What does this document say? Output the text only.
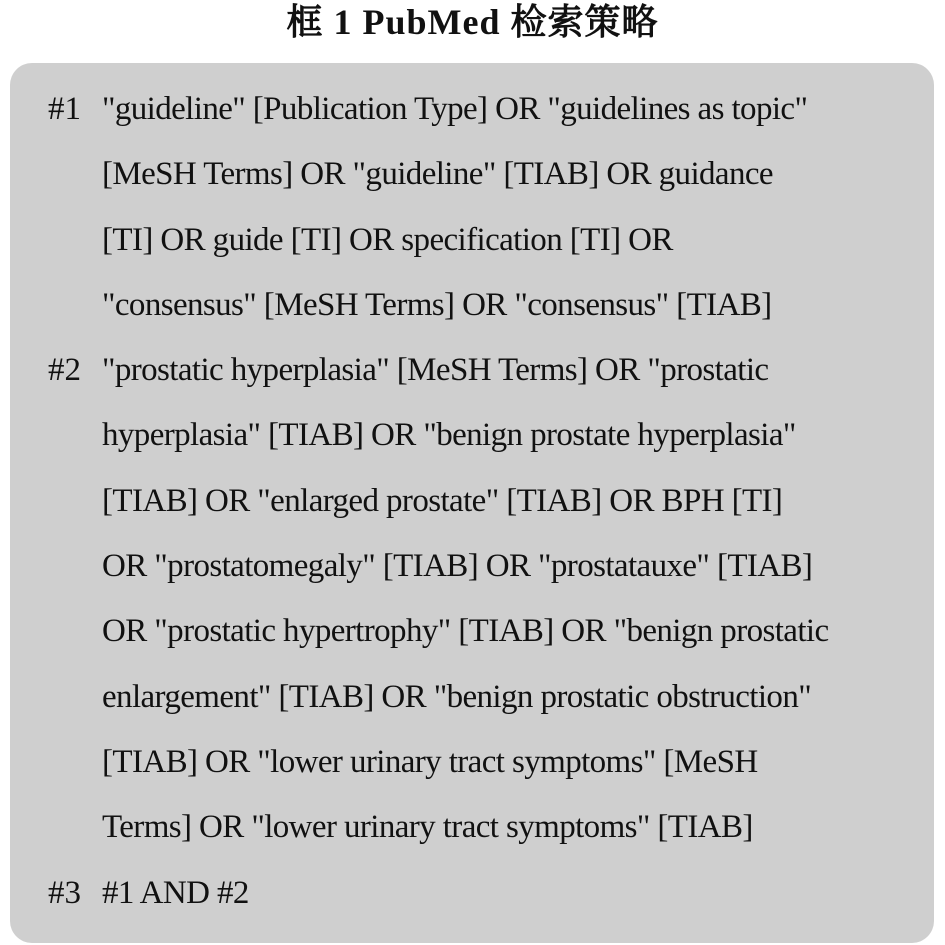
框 1 PubMed 检索策略
#1 "guideline" [Publication Type] OR "guidelines as topic"
[MeSH Terms] OR "guideline" [TIAB] OR guidance
[TI] OR guide [TI] OR specification [TI] OR
"consensus" [MeSH Terms] OR "consensus" [TIAB]
#2 "prostatic hyperplasia" [MeSH Terms] OR "prostatic
hyperplasia" [TIAB] OR "benign prostate hyperplasia"
[TIAB] OR "enlarged prostate" [TIAB] OR BPH [TI]
OR "prostatomegaly" [TIAB] OR "prostatauxe" [TIAB]
OR "prostatic hypertrophy" [TIAB] OR "benign prostatic
enlargement" [TIAB] OR "benign prostatic obstruction"
[TIAB] OR "lower urinary tract symptoms" [MeSH
Terms] OR "lower urinary tract symptoms" [TIAB]
#3 #1 AND #2
